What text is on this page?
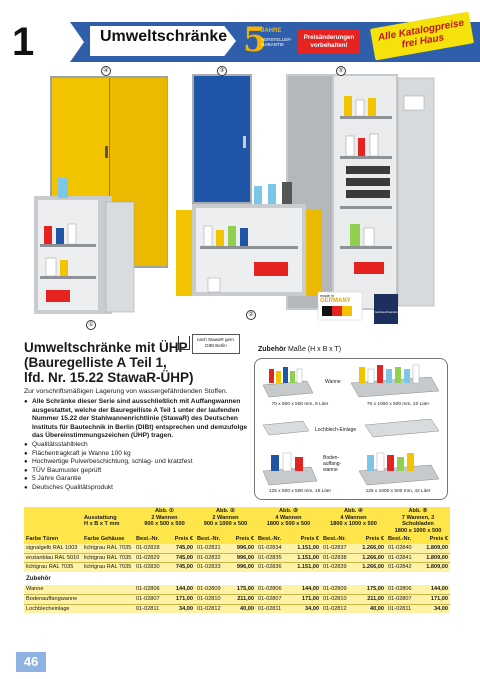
1	Umweltschränke 5
JAHRE
HERSTELLER-GARANTIE
Preisänderungen vorbehalten!
Alle Katalogpreise frei Haus
④	③	⑤
①
②
made in
GERMANY
Gebrauchsanleitung
Umweltschränke mit ÜHP
(Bauregelliste A Teil 1,
lfd. Nr. 15.22 StawaR-ÜHP)
nach StawaR gem. DIBt Berlin
Zur vorschriftsmäßigen Lagerung von wassergefährdenden Stoffen.
● Alle Schränke dieser Serie sind ausschließlich mit Auffangwannen ausgestattet, welche der Bauregelliste A Teil 1 unter der laufenden Nummer 15.22 der Stahlwannenrichtlinie (StawaR) des Deutschen Instituts für Bautechnik in Berlin (DIBt) entsprechen und demzufolge das Übereinstimmungszeichen (ÜHP) tragen.
● Qualitätsstahlblech
● Flächentragkraft je Wanne 100 kg
● Hochwertige Pulverbeschichtung, schlag- und kratzfest
● TÜV Baumuster geprüft
● 5 Jahre Garantie
● Deutsches Qualitätsprodukt
Zubehör Maße (H x B x T)
Wanne
Lochblech-Einlage
Boden-auffang-wanne
70 x 500 x 500 mm, 9 Liter	70 x 1000 x 500 mm, 20 Liter
125 x 500 x 500 mm, 19 Liter	125 x 1000 x 500 mm, 43 Liter

Ausstattung
H x B x T mm	Abb. ①
2 Wannen
900 x 500 x 500		Abb. ②
2 Wannen
900 x 1000 x 500		Abb. ③
4 Wannen
1800 x 500 x 500		Abb. ④
4 Wannen
1800 x 1000 x 500		Abb. ⑤
7 Wannen, 3 Schubladen
1800 x 1000 x 500	
Farbe Türen	Farbe Gehäuse	Best.-Nr.	Preis €	Best.-Nr.	Preis €	Best.-Nr.	Preis €	Best.-Nr.	Preis €	Best.-Nr.	Preis €
signalgelb RAL 1003	lichtgrau RAL 7035	01-02828	745,00	01-02831	996,00	01-02834	1.151,00	01-02837	1.266,00	01-02840	1.809,00
enzianblau RAL 5010	lichtgrau RAL 7035	01-02829	745,00	01-02832	996,00	01-02835	1.151,00	01-02838	1.266,00	01-02841	1.809,00
lichtgrau RAL 7035	lichtgrau RAL 7035	01-02830	745,00	01-02833	996,00	01-02836	1.151,00	01-02839	1.266,00	01-02842	1.809,00
Zubehör											
Wanne		01-02806	144,00	01-02809	175,00	01-02806	144,00	01-02809	175,00	01-02806	144,00
Bodenauffangwanne		01-02807	171,00	01-02810	211,00	01-02807	171,00	01-02810	211,00	01-02807	171,00
Lochblecheinlage		01-02811	34,00	01-02812	40,00	01-02811	34,00	01-02812	40,00	01-02811	34,00
46
